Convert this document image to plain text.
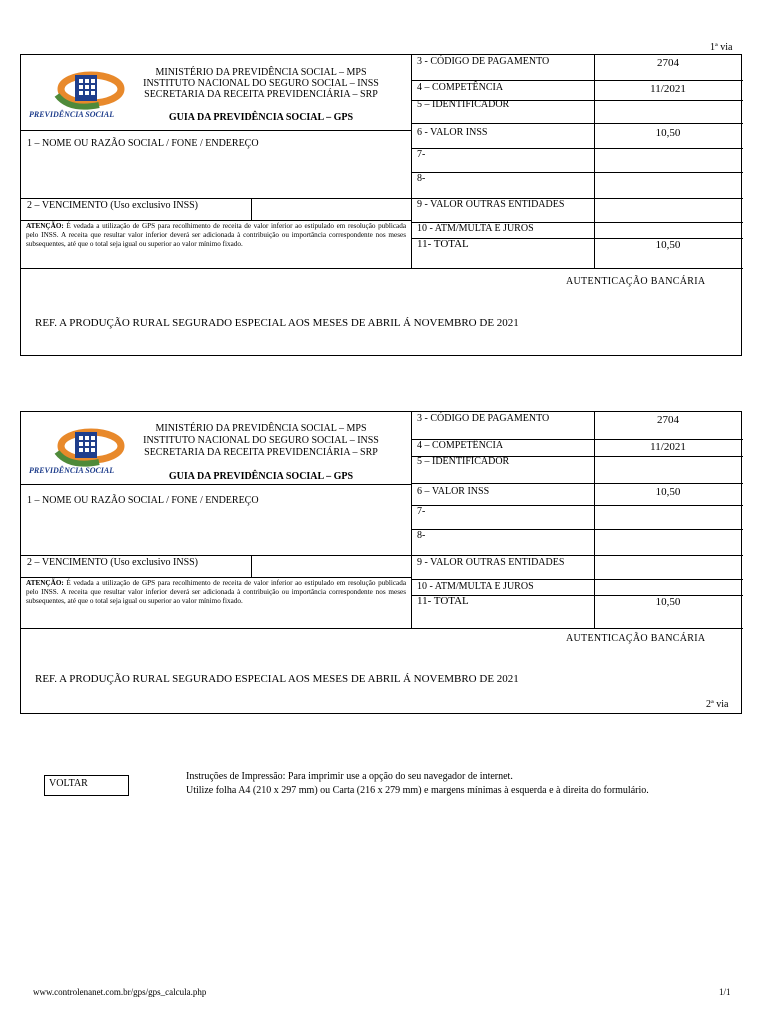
1ª via
PREVIDÊNCIA SOCIAL
MINISTÉRIO DA PREVIDÊNCIA SOCIAL – MPS
INSTITUTO NACIONAL DO SEGURO SOCIAL – INSS
SECRETARIA DA RECEITA PREVIDENCIÁRIA – SRP
GUIA DA PREVIDÊNCIA SOCIAL – GPS
1 – NOME OU RAZÃO SOCIAL / FONE / ENDEREÇO
2 – VENCIMENTO (Uso exclusivo INSS)
ATENÇÃO: É vedada a utilização de GPS para recolhimento de receita de valor inferior ao estipulado em resolução publicada pelo INSS. A receita que resultar valor inferior deverá ser adicionada à contribuição ou importância correspondente nos meses subsequentes, até que o total seja igual ou superior ao valor mínimo fixado.
3 - CÓDIGO DE PAGAMENTO	2704
4 – COMPETÊNCIA	11/2021
5 – IDENTIFICADOR
6 - VALOR INSS	10,50
7-
8-
9 - VALOR OUTRAS ENTIDADES
10 - ATM/MULTA E JUROS
11- TOTAL	10,50
AUTENTICAÇÃO BANCÁRIA
REF. A PRODUÇÃO RURAL SEGURADO ESPECIAL AOS MESES DE ABRIL Á NOVEMBRO DE 2021
PREVIDÊNCIA SOCIAL
MINISTÉRIO DA PREVIDÊNCIA SOCIAL – MPS
INSTITUTO NACIONAL DO SEGURO SOCIAL – INSS
SECRETARIA DA RECEITA PREVIDENCIÁRIA – SRP
GUIA DA PREVIDÊNCIA SOCIAL – GPS
1 – NOME OU RAZÃO SOCIAL / FONE / ENDEREÇO
2 – VENCIMENTO (Uso exclusivo INSS)
ATENÇÃO: É vedada a utilização de GPS para recolhimento de receita de valor inferior ao estipulado em resolução publicada pelo INSS. A receita que resultar valor inferior deverá ser adicionada à contribuição ou importância correspondente nos meses subsequentes, até que o total seja igual ou superior ao valor mínimo fixado.
3 - CÓDIGO DE PAGAMENTO	2704
4 – COMPETÊNCIA	11/2021
5 – IDENTIFICADOR
6 – VALOR INSS	10,50
7-
8-
9 - VALOR OUTRAS ENTIDADES
10 - ATM/MULTA E JUROS
11- TOTAL	10,50
AUTENTICAÇÃO BANCÁRIA
REF. A PRODUÇÃO RURAL SEGURADO ESPECIAL AOS MESES DE ABRIL Á NOVEMBRO DE 2021
2ª via
VOLTAR
Instruções de Impressão: Para imprimir use a opção do seu navegador de internet.
Utilize folha A4 (210 x 297 mm) ou Carta (216 x 279 mm) e margens mínimas à esquerda e à direita do formulário.
www.controlenanet.com.br/gps/gps_calcula.php	1/1
